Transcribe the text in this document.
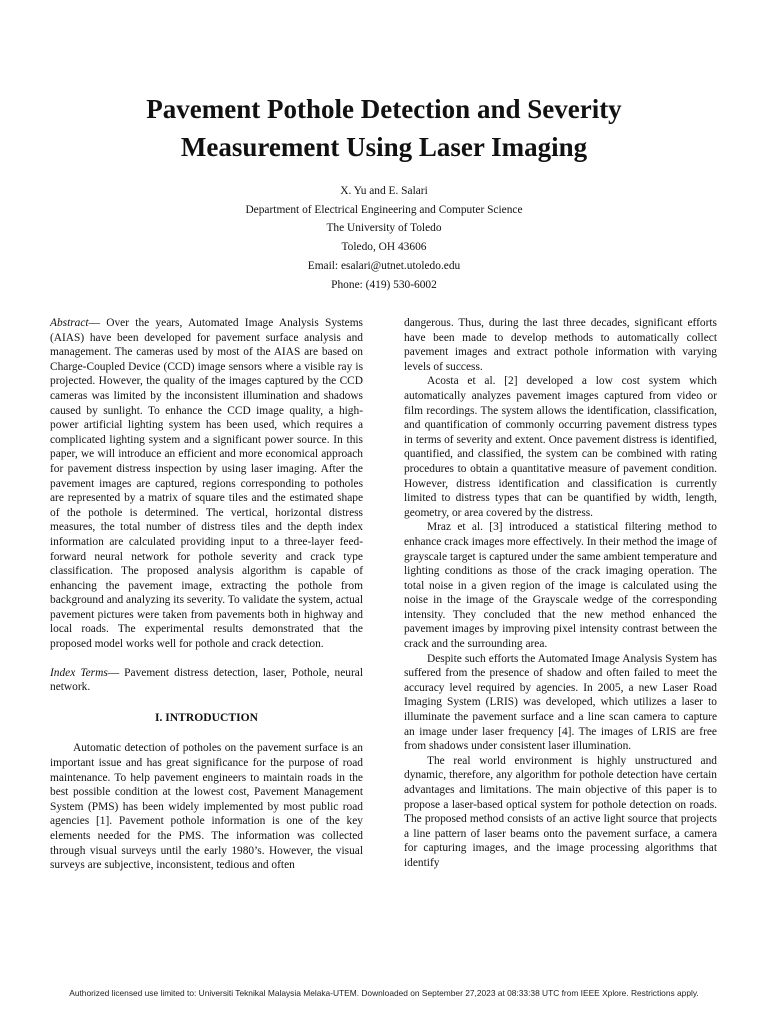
Pavement Pothole Detection and Severity
Measurement Using Laser Imaging
X. Yu and E. Salari
Department of Electrical Engineering and Computer Science
The University of Toledo
Toledo, OH 43606
Email: esalari@utnet.utoledo.edu
Phone: (419) 530-6002

Abstract— Over the years, Automated Image Analysis Systems (AIAS) have been developed for pavement surface analysis and management. The cameras used by most of the AIAS are based on Charge-Coupled Device (CCD) image sensors where a visible ray is projected. However, the quality of the images captured by the CCD cameras was limited by the inconsistent illumination and shadows caused by sunlight. To enhance the CCD image quality, a high-power artificial lighting system has been used, which requires a complicated lighting system and a significant power source. In this paper, we will introduce an efficient and more economical approach for pavement distress inspection by using laser imaging. After the pavement images are captured, regions corresponding to potholes are represented by a matrix of square tiles and the estimated shape of the pothole is determined. The vertical, horizontal distress measures, the total number of distress tiles and the depth index information are calculated providing input to a three-layer feed-forward neural network for pothole severity and crack type classification. The proposed analysis algorithm is capable of enhancing the pavement image, extracting the pothole from background and analyzing its severity. To validate the system, actual pavement pictures were taken from pavements both in highway and local roads. The experimental results demonstrated that the proposed model works well for pothole and crack detection.

Index Terms— Pavement distress detection, laser, Pothole, neural network.

I. INTRODUCTION

Automatic detection of potholes on the pavement surface is an important issue and has great significance for the purpose of road maintenance. To help pavement engineers to maintain roads in the best possible condition at the lowest cost, Pavement Management System (PMS) has been widely implemented by most public road agencies [1]. Pavement pothole information is one of the key elements needed for the PMS. The information was collected through visual surveys until the early 1980’s. However, the visual surveys are subjective, inconsistent, tedious and often

dangerous. Thus, during the last three decades, significant efforts have been made to develop methods to automatically collect pavement images and extract pothole information with varying levels of success.

Acosta et al. [2] developed a low cost system which automatically analyzes pavement images captured from video or film recordings. The system allows the identification, classification, and quantification of commonly occurring pavement distress types in terms of severity and extent. Once pavement distress is identified, quantified, and classified, the system can be combined with rating procedures to obtain a quantitative measure of pavement condition. However, distress identification and classification is currently limited to distress types that can be quantified by width, length, geometry, or area covered by the distress.

Mraz et al. [3] introduced a statistical filtering method to enhance crack images more effectively. In their method the image of grayscale target is captured under the same ambient temperature and lighting conditions as those of the crack imaging operation. The total noise in a given region of the image is calculated using the noise in the image of the Grayscale wedge of the corresponding intensity. They concluded that the new method enhanced the pavement images by improving pixel intensity contrast between the crack and the surrounding area.

Despite such efforts the Automated Image Analysis System has suffered from the presence of shadow and often failed to meet the accuracy level required by agencies. In 2005, a new Laser Road Imaging System (LRIS) was developed, which utilizes a laser to illuminate the pavement surface and a line scan camera to capture an image under laser frequency [4]. The images of LRIS are free from shadows under consistent laser illumination.

The real world environment is highly unstructured and dynamic, therefore, any algorithm for pothole detection have certain advantages and limitations. The main objective of this paper is to propose a laser-based optical system for pothole detection on roads. The proposed method consists of an active light source that projects a line pattern of laser beams onto the pavement surface, a camera for capturing images, and the image processing algorithms that identify

Authorized licensed use limited to: Universiti Teknikal Malaysia Melaka-UTEM. Downloaded on September 27,2023 at 08:33:38 UTC from IEEE Xplore. Restrictions apply.
